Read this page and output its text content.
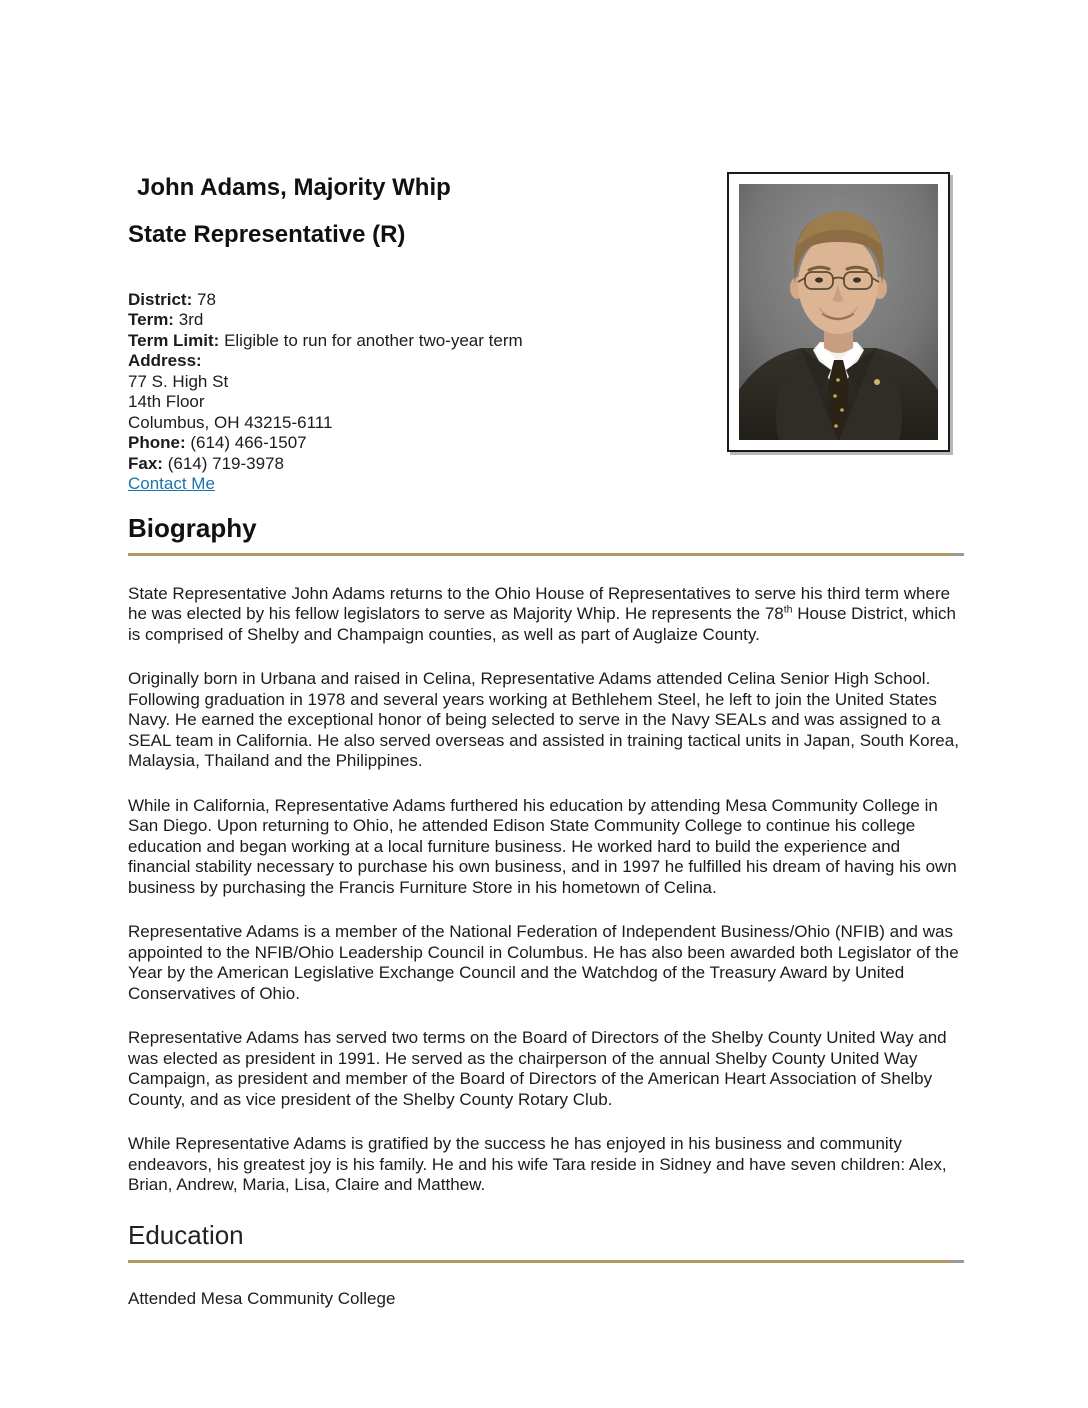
John Adams, Majority Whip
State Representative (R)
District: 78
Term: 3rd
Term Limit: Eligible to run for another two-year term
Address:
77 S. High St
14th Floor
Columbus, OH 43215-6111
Phone: (614) 466-1507
Fax: (614) 719-3978
Contact Me
Biography

State Representative John Adams returns to the Ohio House of Representatives to serve his third term where he was elected by his fellow legislators to serve as Majority Whip. He represents the 78th House District, which is comprised of Shelby and Champaign counties, as well as part of Auglaize County.

Originally born in Urbana and raised in Celina, Representative Adams attended Celina Senior High School. Following graduation in 1978 and several years working at Bethlehem Steel, he left to join the United States Navy. He earned the exceptional honor of being selected to serve in the Navy SEALs and was assigned to a SEAL team in California. He also served overseas and assisted in training tactical units in Japan, South Korea, Malaysia, Thailand and the Philippines.

While in California, Representative Adams furthered his education by attending Mesa Community College in San Diego. Upon returning to Ohio, he attended Edison State Community College to continue his college education and began working at a local furniture business. He worked hard to build the experience and financial stability necessary to purchase his own business, and in 1997 he fulfilled his dream of having his own business by purchasing the Francis Furniture Store in his hometown of Celina.

Representative Adams is a member of the National Federation of Independent Business/Ohio (NFIB) and was appointed to the NFIB/Ohio Leadership Council in Columbus. He has also been awarded both Legislator of the Year by the American Legislative Exchange Council and the Watchdog of the Treasury Award by United Conservatives of Ohio.

Representative Adams has served two terms on the Board of Directors of the Shelby County United Way and was elected as president in 1991. He served as the chairperson of the annual Shelby County United Way Campaign, as president and member of the Board of Directors of the American Heart Association of Shelby County, and as vice president of the Shelby County Rotary Club.

While Representative Adams is gratified by the success he has enjoyed in his business and community endeavors, his greatest joy is his family. He and his wife Tara reside in Sidney and have seven children: Alex, Brian, Andrew, Maria, Lisa, Claire and Matthew.

Education
Attended Mesa Community College
